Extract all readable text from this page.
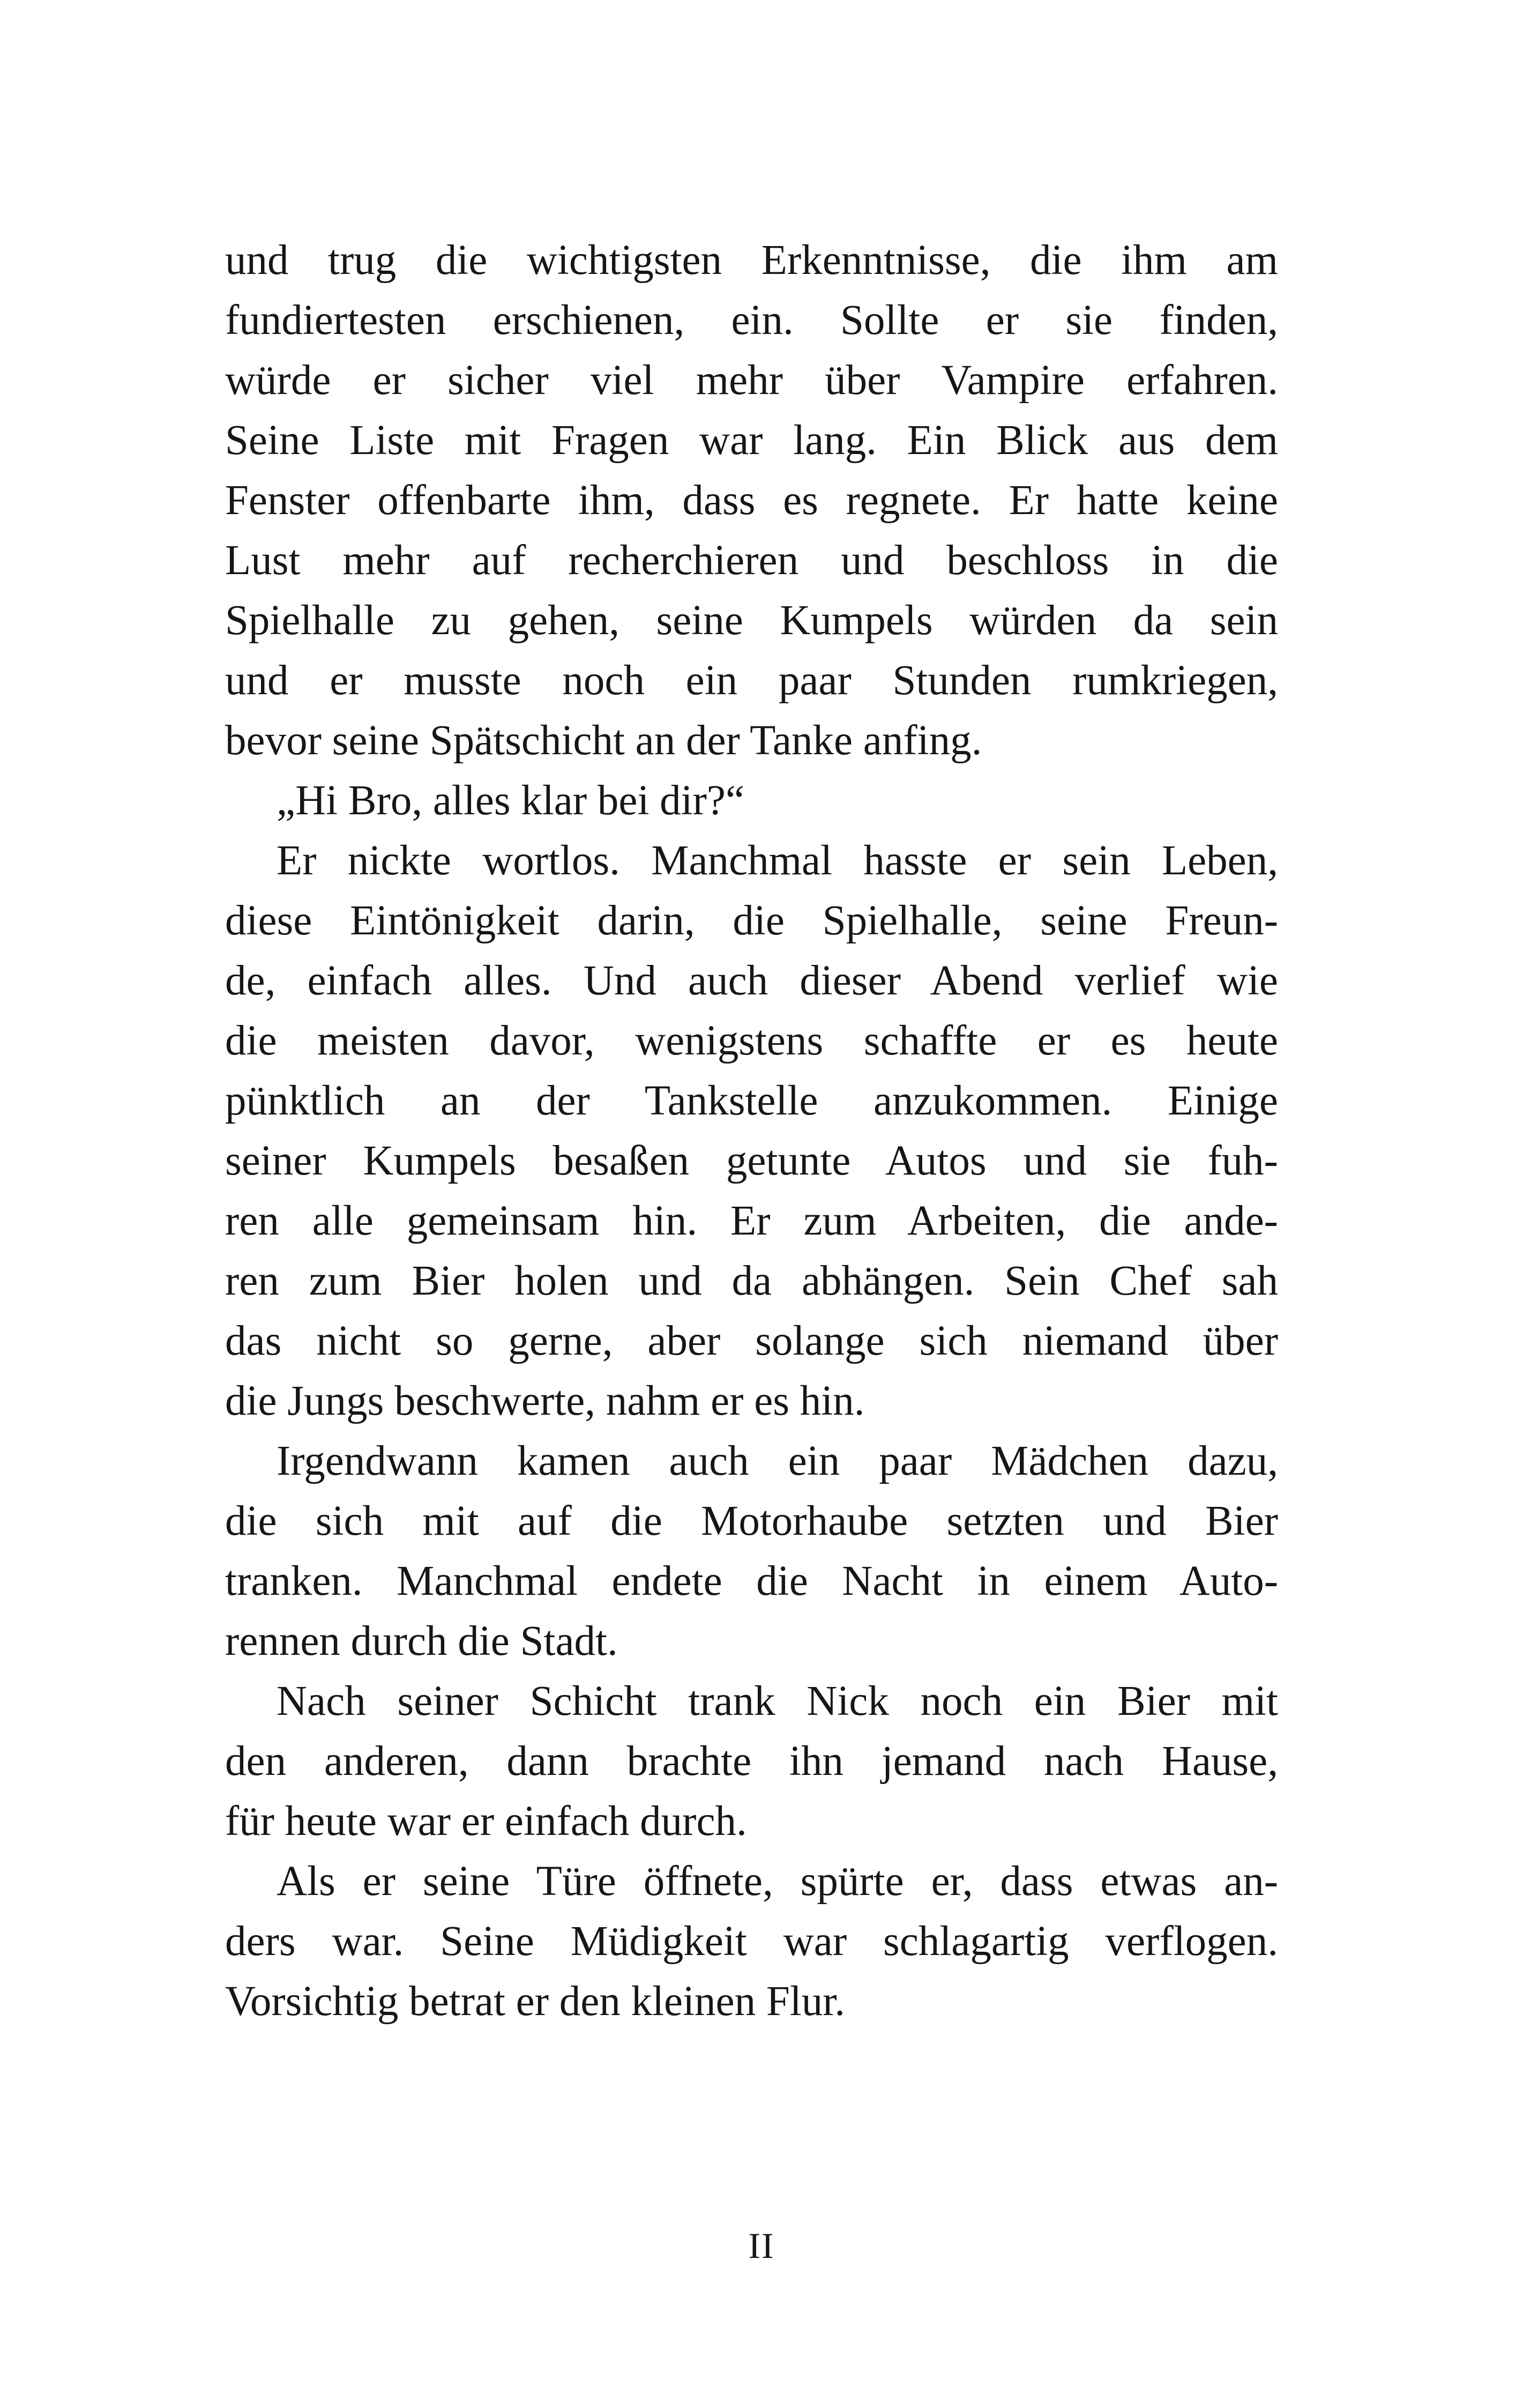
und trug die wichtigsten Erkenntnisse, die ihm am
fundiertesten erschienen, ein. Sollte er sie finden,
würde er sicher viel mehr über Vampire erfahren.
Seine Liste mit Fragen war lang. Ein Blick aus dem
Fenster offenbarte ihm, dass es regnete. Er hatte keine
Lust mehr auf recherchieren und beschloss in die
Spielhalle zu gehen, seine Kumpels würden da sein
und er musste noch ein paar Stunden rumkriegen,
bevor seine Spätschicht an der Tanke anfing.
„Hi Bro, alles klar bei dir?“
Er nickte wortlos. Manchmal hasste er sein Leben,
diese Eintönigkeit darin, die Spielhalle, seine Freun-
de, einfach alles. Und auch dieser Abend verlief wie
die meisten davor, wenigstens schaffte er es heute
pünktlich an der Tankstelle anzukommen. Einige
seiner Kumpels besaßen getunte Autos und sie fuh-
ren alle gemeinsam hin. Er zum Arbeiten, die ande-
ren zum Bier holen und da abhängen. Sein Chef sah
das nicht so gerne, aber solange sich niemand über
die Jungs beschwerte, nahm er es hin.
Irgendwann kamen auch ein paar Mädchen dazu,
die sich mit auf die Motorhaube setzten und Bier
tranken. Manchmal endete die Nacht in einem Auto-
rennen durch die Stadt.
Nach seiner Schicht trank Nick noch ein Bier mit
den anderen, dann brachte ihn jemand nach Hause,
für heute war er einfach durch.
Als er seine Türe öffnete, spürte er, dass etwas an-
ders war. Seine Müdigkeit war schlagartig verflogen.
Vorsichtig betrat er den kleinen Flur.
II
